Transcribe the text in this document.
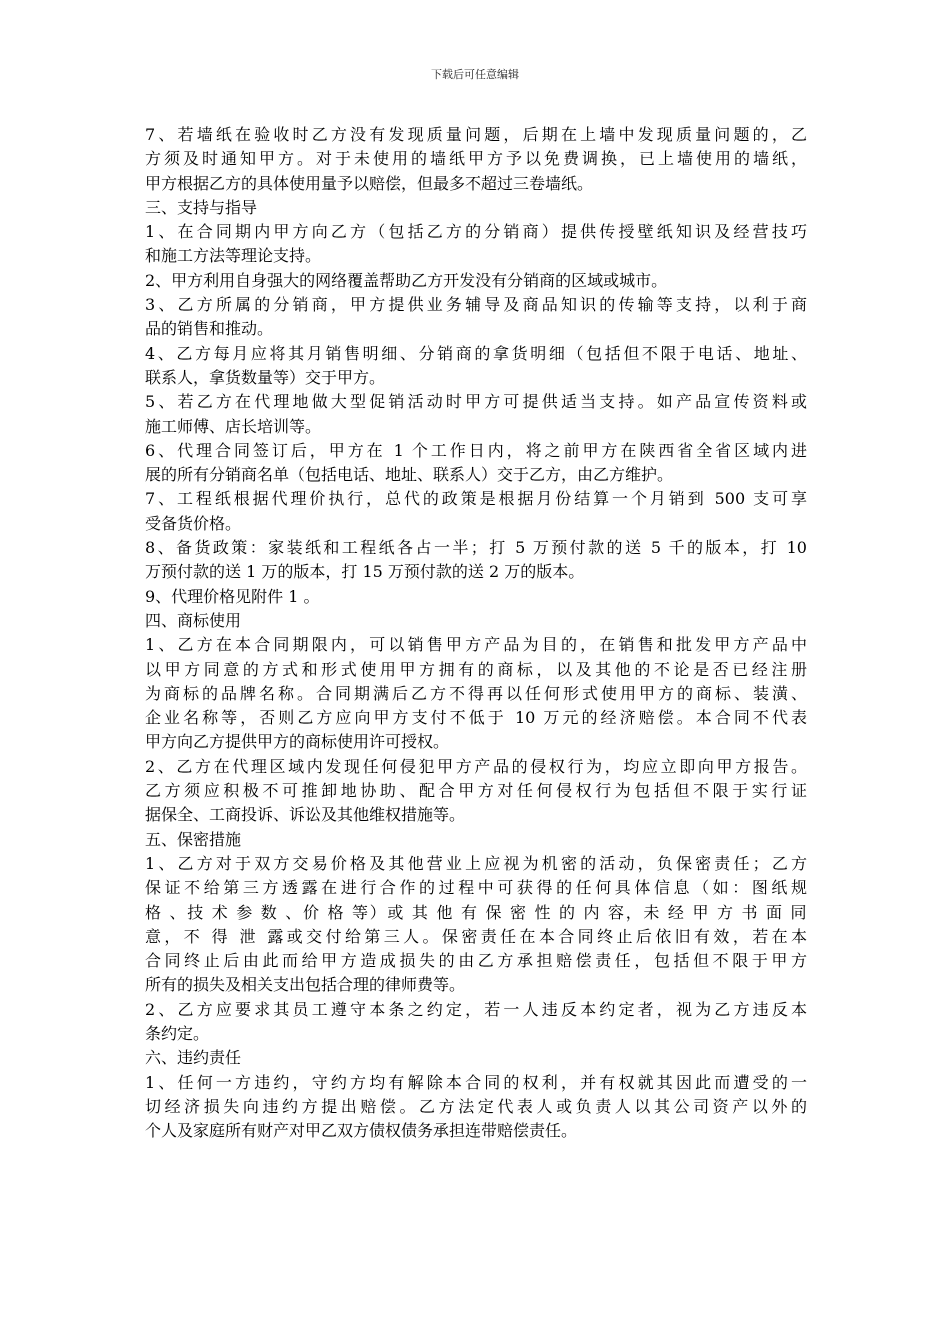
下载后可任意编辑
7、若墙纸在验收时乙方没有发现质量问题，后期在上墙中发现质量问题的，乙
方须及时通知甲方。对于未使用的墙纸甲方予以免费调换，已上墙使用的墙纸，
甲方根据乙方的具体使用量予以赔偿，但最多不超过三卷墙纸。
三、支持与指导
1、在合同期内甲方向乙方（包括乙方的分销商）提供传授壁纸知识及经营技巧
和施工方法等理论支持。
2、甲方利用自身强大的网络覆盖帮助乙方开发没有分销商的区域或城市。
3、乙方所属的分销商，甲方提供业务辅导及商品知识的传输等支持，以利于商
品的销售和推动。
4、乙方每月应将其月销售明细、分销商的拿货明细（包括但不限于电话、地址、
联系人，拿货数量等）交于甲方。
5、若乙方在代理地做大型促销活动时甲方可提供适当支持。如产品宣传资料或
施工师傅、店长培训等。
6、代理合同签订后，甲方在 1 个工作日内，将之前甲方在陕西省全省区域内进
展的所有分销商名单（包括电话、地址、联系人）交于乙方，由乙方维护。
7、工程纸根据代理价执行，总代的政策是根据月份结算一个月销到 500 支可享
受备货价格。
8、备货政策：家装纸和工程纸各占一半；打 5 万预付款的送 5 千的版本，打 10
万预付款的送 1 万的版本，打 15 万预付款的送 2 万的版本。
9、代理价格见附件 1 。
四、商标使用
1、乙方在本合同期限内，可以销售甲方产品为目的，在销售和批发甲方产品中
以甲方同意的方式和形式使用甲方拥有的商标，以及其他的不论是否已经注册
为商标的品牌名称。合同期满后乙方不得再以任何形式使用甲方的商标、装潢、
企业名称等，否则乙方应向甲方支付不低于 10 万元的经济赔偿。本合同不代表
甲方向乙方提供甲方的商标使用许可授权。
2、乙方在代理区域内发现任何侵犯甲方产品的侵权行为，均应立即向甲方报告。
乙方须应积极不可推卸地协助、配合甲方对任何侵权行为包括但不限于实行证
据保全、工商投诉、诉讼及其他维权措施等。
五、保密措施
1、乙方对于双方交易价格及其他营业上应视为机密的活动，负保密责任；乙方
保证不给第三方透露在进行合作的过程中可获得的任何具体信息（如：图纸规
格 、技 术 参 数 、价 格 等）或 其 他 有 保 密 性 的 内 容，未 经 甲 方 书 面 同
意，不 得 泄 露或交付给第三人。保密责任在本合同终止后依旧有效，若在本
合同终止后由此而给甲方造成损失的由乙方承担赔偿责任，包括但不限于甲方
所有的损失及相关支出包括合理的律师费等。
2、乙方应要求其员工遵守本条之约定，若一人违反本约定者，视为乙方违反本
条约定。
六、违约责任
1、任何一方违约，守约方均有解除本合同的权利，并有权就其因此而遭受的一
切经济损失向违约方提出赔偿。乙方法定代表人或负责人以其公司资产以外的
个人及家庭所有财产对甲乙双方债权债务承担连带赔偿责任。
